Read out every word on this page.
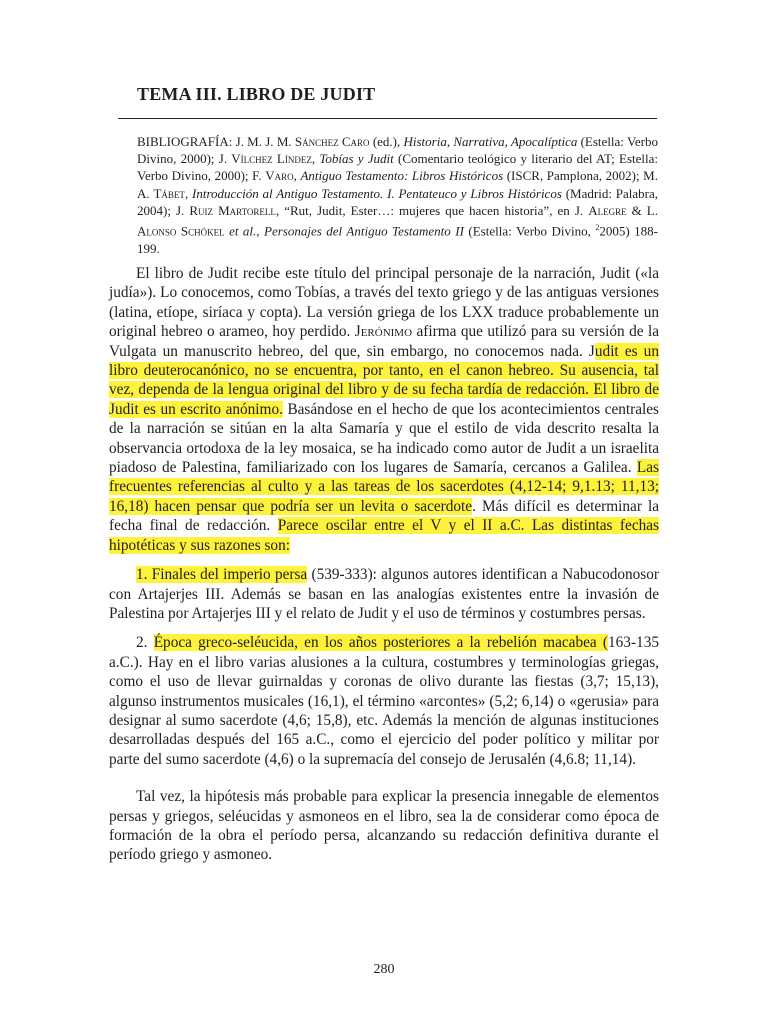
TEMA III. LIBRO DE JUDIT

BIBLIOGRAFÍA: J. M. J. M. Sánchez Caro (ed.), Historia, Narrativa, Apocalíptica (Estella: Verbo Divino, 2000); J. Vílchez Líndez, Tobías y Judit (Comentario teológico y literario del AT; Estella: Verbo Divino, 2000); F. Varo, Antiguo Testamento: Libros Históricos (ISCR, Pamplona, 2002); M. A. Tábet, Introducción al Antiguo Testamento. I. Pentateuco y Libros Históricos (Madrid: Palabra, 2004); J. Ruiz Martorell, “Rut, Judit, Ester…: mujeres que hacen historia”, en J. Alegre & L. Alonso Schökel et al., Personajes del Antiguo Testamento II (Estella: Verbo Divino, $^2$2005) 188-199.

El libro de Judit recibe este título del principal personaje de la narración, Judit («la judía»). Lo conocemos, como Tobías, a través del texto griego y de las antiguas versiones (latina, etíope, siríaca y copta). La versión griega de los LXX traduce probablemente un original hebreo o arameo, hoy perdido. Jerónimo afirma que utilizó para su versión de la Vulgata un manuscrito hebreo, del que, sin embargo, no conocemos nada. Judit es un libro deuterocanónico, no se encuentra, por tanto, en el canon hebreo. Su ausencia, tal vez, dependa de la lengua original del libro y de su fecha tardía de redacción. El libro de Judit es un escrito anónimo. Basándose en el hecho de que los acontecimientos centrales de la narración se sitúan en la alta Samaría y que el estilo de vida descrito resalta la observancia ortodoxa de la ley mosaica, se ha indicado como autor de Judit a un israelita piadoso de Palestina, familiarizado con los lugares de Samaría, cercanos a Galilea. Las frecuentes referencias al culto y a las tareas de los sacerdotes (4,12-14; 9,1.13; 11,13; 16,18) hacen pensar que podría ser un levita o sacerdote. Más difícil es determinar la fecha final de redacción. Parece oscilar entre el V y el II a.C. Las distintas fechas hipotéticas y sus razones son:

1. Finales del imperio persa (539-333): algunos autores identifican a Nabucodonosor con Artajerjes III. Además se basan en las analogías existentes entre la invasión de Palestina por Artajerjes III y el relato de Judit y el uso de términos y costumbres persas.

2. Época greco-seléucida, en los años posteriores a la rebelión macabea (163-135 a.C.). Hay en el libro varias alusiones a la cultura, costumbres y terminologías griegas, como el uso de llevar guirnaldas y coronas de olivo durante las fiestas (3,7; 15,13), algunso instrumentos musicales (16,1), el término «arcontes» (5,2; 6,14) o «gerusia» para designar al sumo sacerdote (4,6; 15,8), etc. Además la mención de algunas instituciones desarrolladas después del 165 a.C., como el ejercicio del poder político y militar por parte del sumo sacerdote (4,6) o la supremacía del consejo de Jerusalén (4,6.8; 11,14).

Tal vez, la hipótesis más probable para explicar la presencia innegable de elementos persas y griegos, seléucidas y asmoneos en el libro, sea la de considerar como época de formación de la obra el período persa, alcanzando su redacción definitiva durante el período griego y asmoneo.

280
